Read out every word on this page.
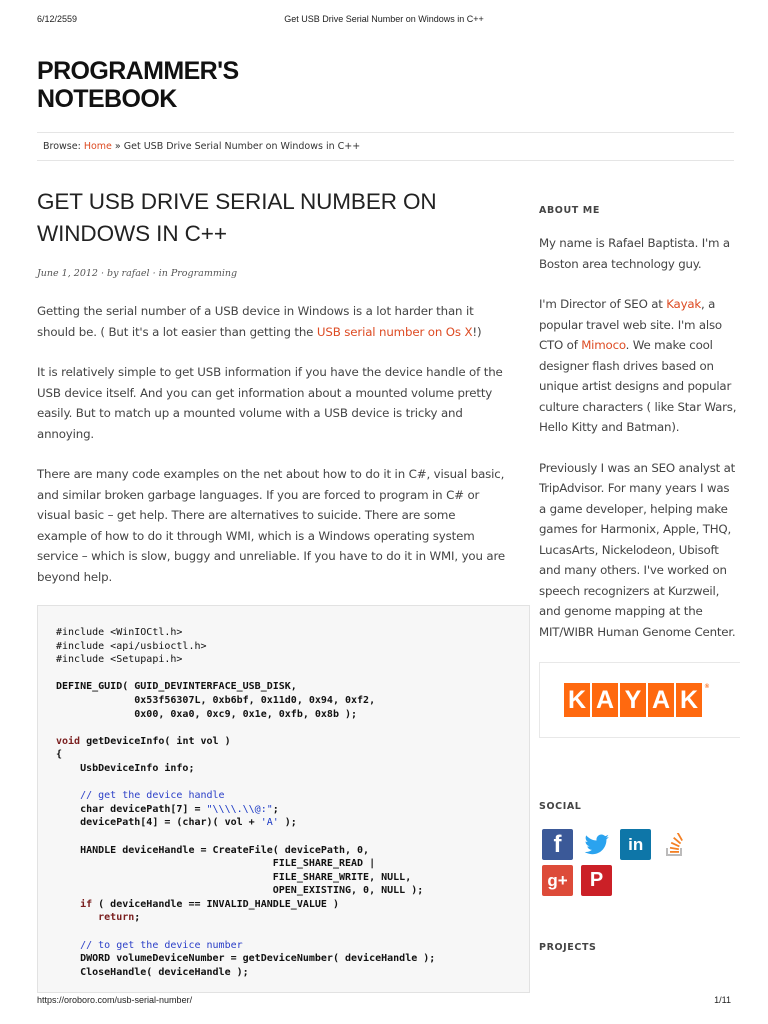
6/12/2559	Get USB Drive Serial Number on Windows in C++
PROGRAMMER'S
NOTEBOOK
Browse: Home » Get USB Drive Serial Number on Windows in C++
GET USB DRIVE SERIAL NUMBER ON WINDOWS IN C++
June 1, 2012 · by rafael · in Programming

Getting the serial number of a USB device in Windows is a lot harder than it should be. ( But it's a lot easier than getting the USB serial number on Os X!)

It is relatively simple to get USB information if you have the device handle of the USB device itself. And you can get information about a mounted volume pretty easily. But to match up a mounted volume with a USB device is tricky and annoying.

There are many code examples on the net about how to do it in C#, visual basic, and similar broken garbage languages. If you are forced to program in C# or visual basic – get help. There are alternatives to suicide. There are some example of how to do it through WMI, which is a Windows operating system service – which is slow, buggy and unreliable. If you have to do it in WMI, you are beyond help.

#include <WinIOCtl.h>
#include <api/usbioctl.h>
#include <Setupapi.h>
DEFINE_GUID( GUID_DEVINTERFACE_USB_DISK,
0x53f56307L, 0xb6bf, 0x11d0, 0x94, 0xf2,
0x00, 0xa0, 0xc9, 0x1e, 0xfb, 0x8b );
void getDeviceInfo( int vol )
{
UsbDeviceInfo info;
// get the device handle
char devicePath[7] = "\\\\.\\@:";
devicePath[4] = (char)( vol + 'A' );
HANDLE deviceHandle = CreateFile( devicePath, 0,
FILE_SHARE_READ |
FILE_SHARE_WRITE, NULL,
OPEN_EXISTING, 0, NULL );
if ( deviceHandle == INVALID_HANDLE_VALUE )
return;
// to get the device number
DWORD volumeDeviceNumber = getDeviceNumber( deviceHandle );
CloseHandle( deviceHandle );
ABOUT ME

My name is Rafael Baptista. I'm a Boston area technology guy.

I'm Director of SEO at Kayak, a popular travel web site. I'm also CTO of Mimoco. We make cool designer flash drives based on unique artist designs and popular culture characters ( like Star Wars, Hello Kitty and Batman).

Previously I was an SEO analyst at TripAdvisor. For many years I was a game developer, helping make games for Harmonix, Apple, THQ, LucasArts, Nickelodeon, Ubisoft and many others. I've worked on speech recognizers at Kurzweil, and genome mapping at the MIT/WIBR Human Genome Center.

K A Y A K	®
SOCIAL
f	in  g+ P
PROJECTS
https://oroboro.com/usb-serial-number/	1/11
